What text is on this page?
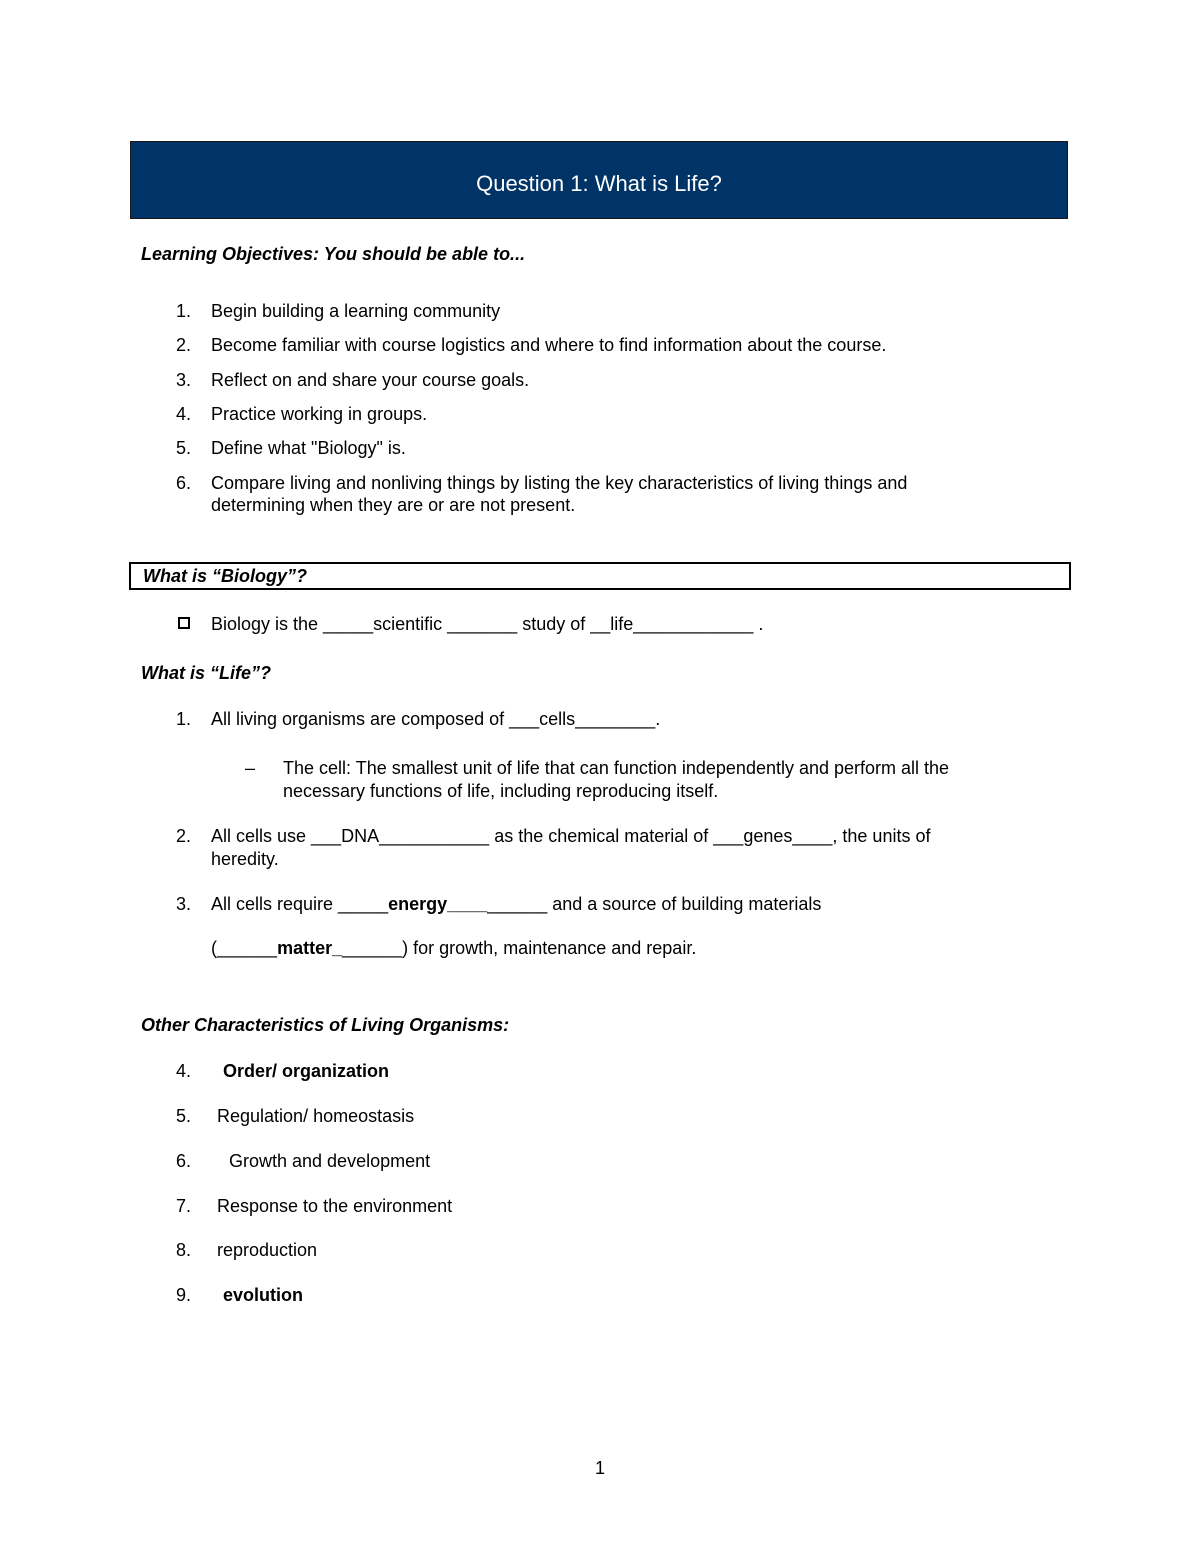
Question 1: What is Life?
Learning Objectives: You should be able to...
1.	Begin building a learning community
2.	Become familiar with course logistics and where to find information about the course.
3.	Reflect on and share your course goals.
4.	Practice working in groups.
5.	Define what "Biology" is.
6.	Compare living and nonliving things by listing the key characteristics of living things and
determining when they are or are not present.
What is “Biology”?
Biology is the _____scientific _______ study of __life____________ .
What is “Life”?
1.	All living organisms are composed of ___cells________.
– The cell: The smallest unit of life that can function independently and perform all the
necessary functions of life, including reproducing itself.
2.	All cells use ___DNA___________ as the chemical material of ___genes____, the units of
heredity.
3.	All cells require _____energy__________ and a source of building materials
(______matter_______) for growth, maintenance and repair.
Other Characteristics of Living Organisms:
4.	Order/ organization
5.	Regulation/ homeostasis
6.	Growth and development
7.	Response to the environment
8.	reproduction
9.	evolution
1
